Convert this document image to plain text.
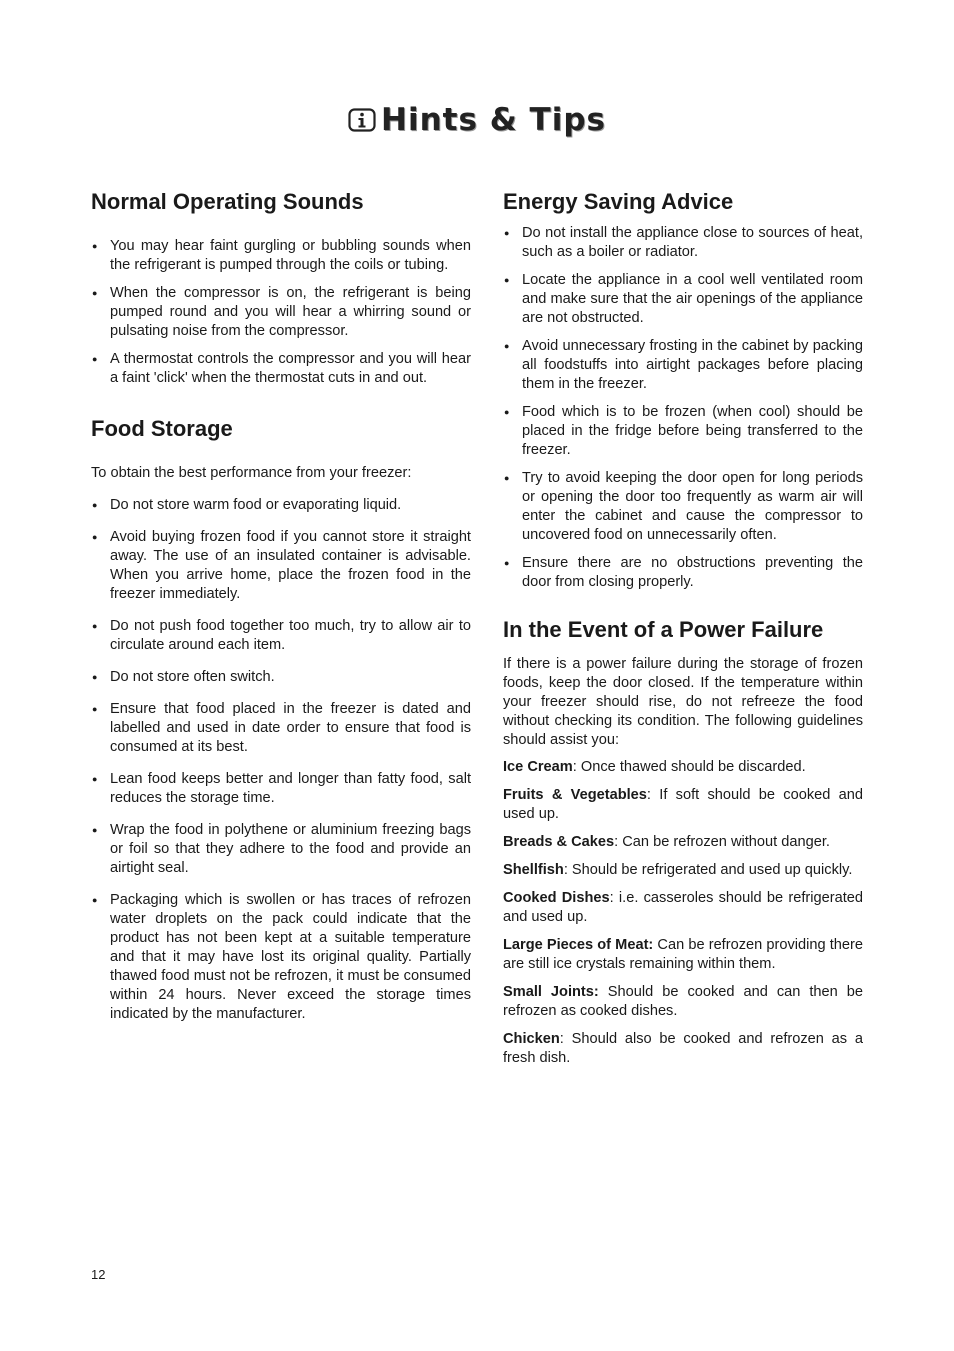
Hints & Tips
Normal Operating Sounds
● You may hear faint gurgling or bubbling sounds when the refrigerant is pumped through the coils or tubing.
● When the compressor is on, the refrigerant is being pumped round and you will hear a whirring sound or pulsating noise from the compressor.
● A thermostat controls the compressor and you will hear a faint 'click' when the thermostat cuts in and out.
Food Storage

To obtain the best performance from your freezer:

● Do not store warm food or evaporating liquid.
● Avoid buying frozen food if you cannot store it straight away. The use of an insulated container is advisable. When you arrive home, place the frozen food in the freezer immediately.
● Do not push food together too much, try to allow air to circulate around each item.
● Do not store often switch.
● Ensure that food placed in the freezer is dated and labelled and used in date order to ensure that food is consumed at its best.
● Lean food keeps better and longer than fatty food, salt reduces the storage time.
● Wrap the food in polythene or aluminium freezing bags or foil so that they adhere to the food and provide an airtight seal.
● Packaging which is swollen or has traces of refrozen water droplets on the pack could indicate that the product has not been kept at a suitable temperature and that it may have lost its original quality. Partially thawed food must not be refrozen, it must be consumed within 24 hours. Never exceed the storage times indicated by the manufacturer.
Energy Saving Advice
● Do not install the appliance close to sources of heat, such as a boiler or radiator.
● Locate the appliance in a cool well ventilated room and make sure that the air openings of the appliance are not obstructed.
● Avoid unnecessary frosting in the cabinet by packing all foodstuffs into airtight packages before placing them in the freezer.
● Food which is to be frozen (when cool) should be placed in the fridge before being transferred to the freezer.
● Try to avoid keeping the door open for long periods or opening the door too frequently as warm air will enter the cabinet and cause the compressor to uncovered food on unnecessarily often.
● Ensure there are no obstructions preventing the door from closing properly.
In the Event of a Power Failure

If there is a power failure during the storage of frozen foods, keep the door closed. If the temperature within your freezer should rise, do not refreeze the food without checking its condition. The following guidelines should assist you:

Ice Cream: Once thawed should be discarded.

Fruits & Vegetables: If soft should be cooked and used up.

Breads & Cakes: Can be refrozen without danger.

Shellfish: Should be refrigerated and used up quickly.

Cooked Dishes: i.e. casseroles should be refrigerated and used up.

Large Pieces of Meat: Can be refrozen providing there are still ice crystals remaining within them.

Small Joints: Should be cooked and can then be refrozen as cooked dishes.

Chicken: Should also be cooked and refrozen as a fresh dish.

12
